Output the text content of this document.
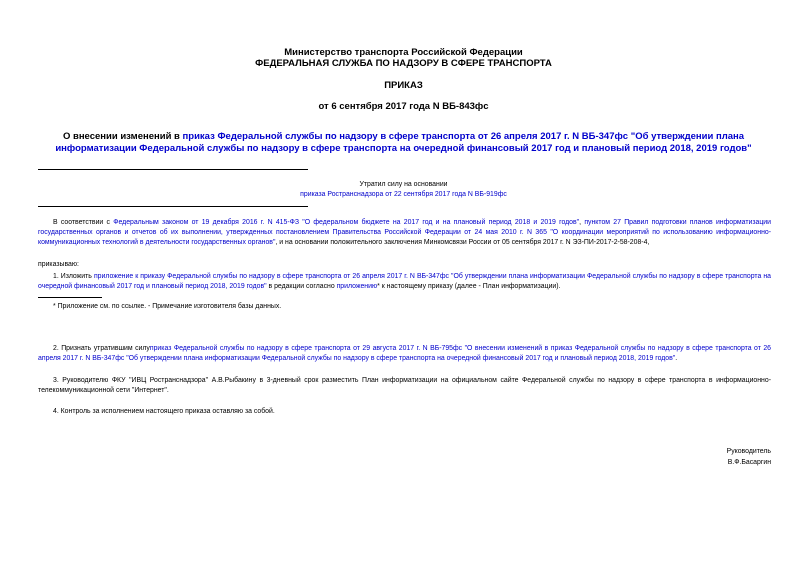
Министерство транспорта Российской Федерации
ФЕДЕРАЛЬНАЯ СЛУЖБА ПО НАДЗОРУ В СФЕРЕ ТРАНСПОРТА
ПРИКАЗ
от 6 сентября 2017 года N ВБ-843фс
О внесении изменений в приказ Федеральной службы по надзору в сфере транспорта от 26 апреля 2017 г. N ВБ-347фс "Об утверждении плана информатизации Федеральной службы по надзору в сфере транспорта на очередной финансовый 2017 год и плановый период 2018, 2019 годов"
Утратил силу на основании
приказа Ространснадзора от 22 сентября 2017 года N ВБ-919фс
В соответствии с Федеральным законом от 19 декабря 2016 г. N 415-ФЗ "О федеральном бюджете на 2017 год и на плановый период 2018 и 2019 годов", пунктом 27 Правил подготовки планов информатизации государственных органов и отчетов об их выполнении, утвержденных постановлением Правительства Российской Федерации от 24 мая 2010 г. N 365 "О координации мероприятий по использованию информационно-коммуникационных технологий в деятельности государственных органов", и на основании положительного заключения Минкомсвязи России от 05 сентября 2017 г. N ЭЗ-ПИ-2017-2-58-208-4,
приказываю:
1. Изложить приложение к приказу Федеральной службы по надзору в сфере транспорта от 26 апреля 2017 г. N ВБ-347фс "Об утверждении плана информатизации Федеральной службы по надзору в сфере транспорта на очередной финансовый 2017 год и плановый период 2018, 2019 годов" в редакции согласно приложению* к настоящему приказу (далее - План информатизации).
* Приложение см. по ссылке. - Примечание изготовителя базы данных.
2. Признать утратившим силуприказ Федеральной службы по надзору в сфере транспорта от 29 августа 2017 г. N ВБ-795фс "О внесении изменений в приказ Федеральной службы по надзору в сфере транспорта от 26 апреля 2017 г. N ВБ-347фс "Об утверждении плана информатизации Федеральной службы по надзору в сфере транспорта на очередной финансовый 2017 год и плановый период 2018, 2019 годов".
3. Руководителю ФКУ "ИВЦ Ространснадзора" А.В.Рыбакину в 3-дневный срок разместить План информатизации на официальном сайте Федеральной службы по надзору в сфере транспорта в информационно-телекоммуникационной сети "Интернет".
4. Контроль за исполнением настоящего приказа оставляю за собой.
Руководитель
В.Ф.Басаргин
